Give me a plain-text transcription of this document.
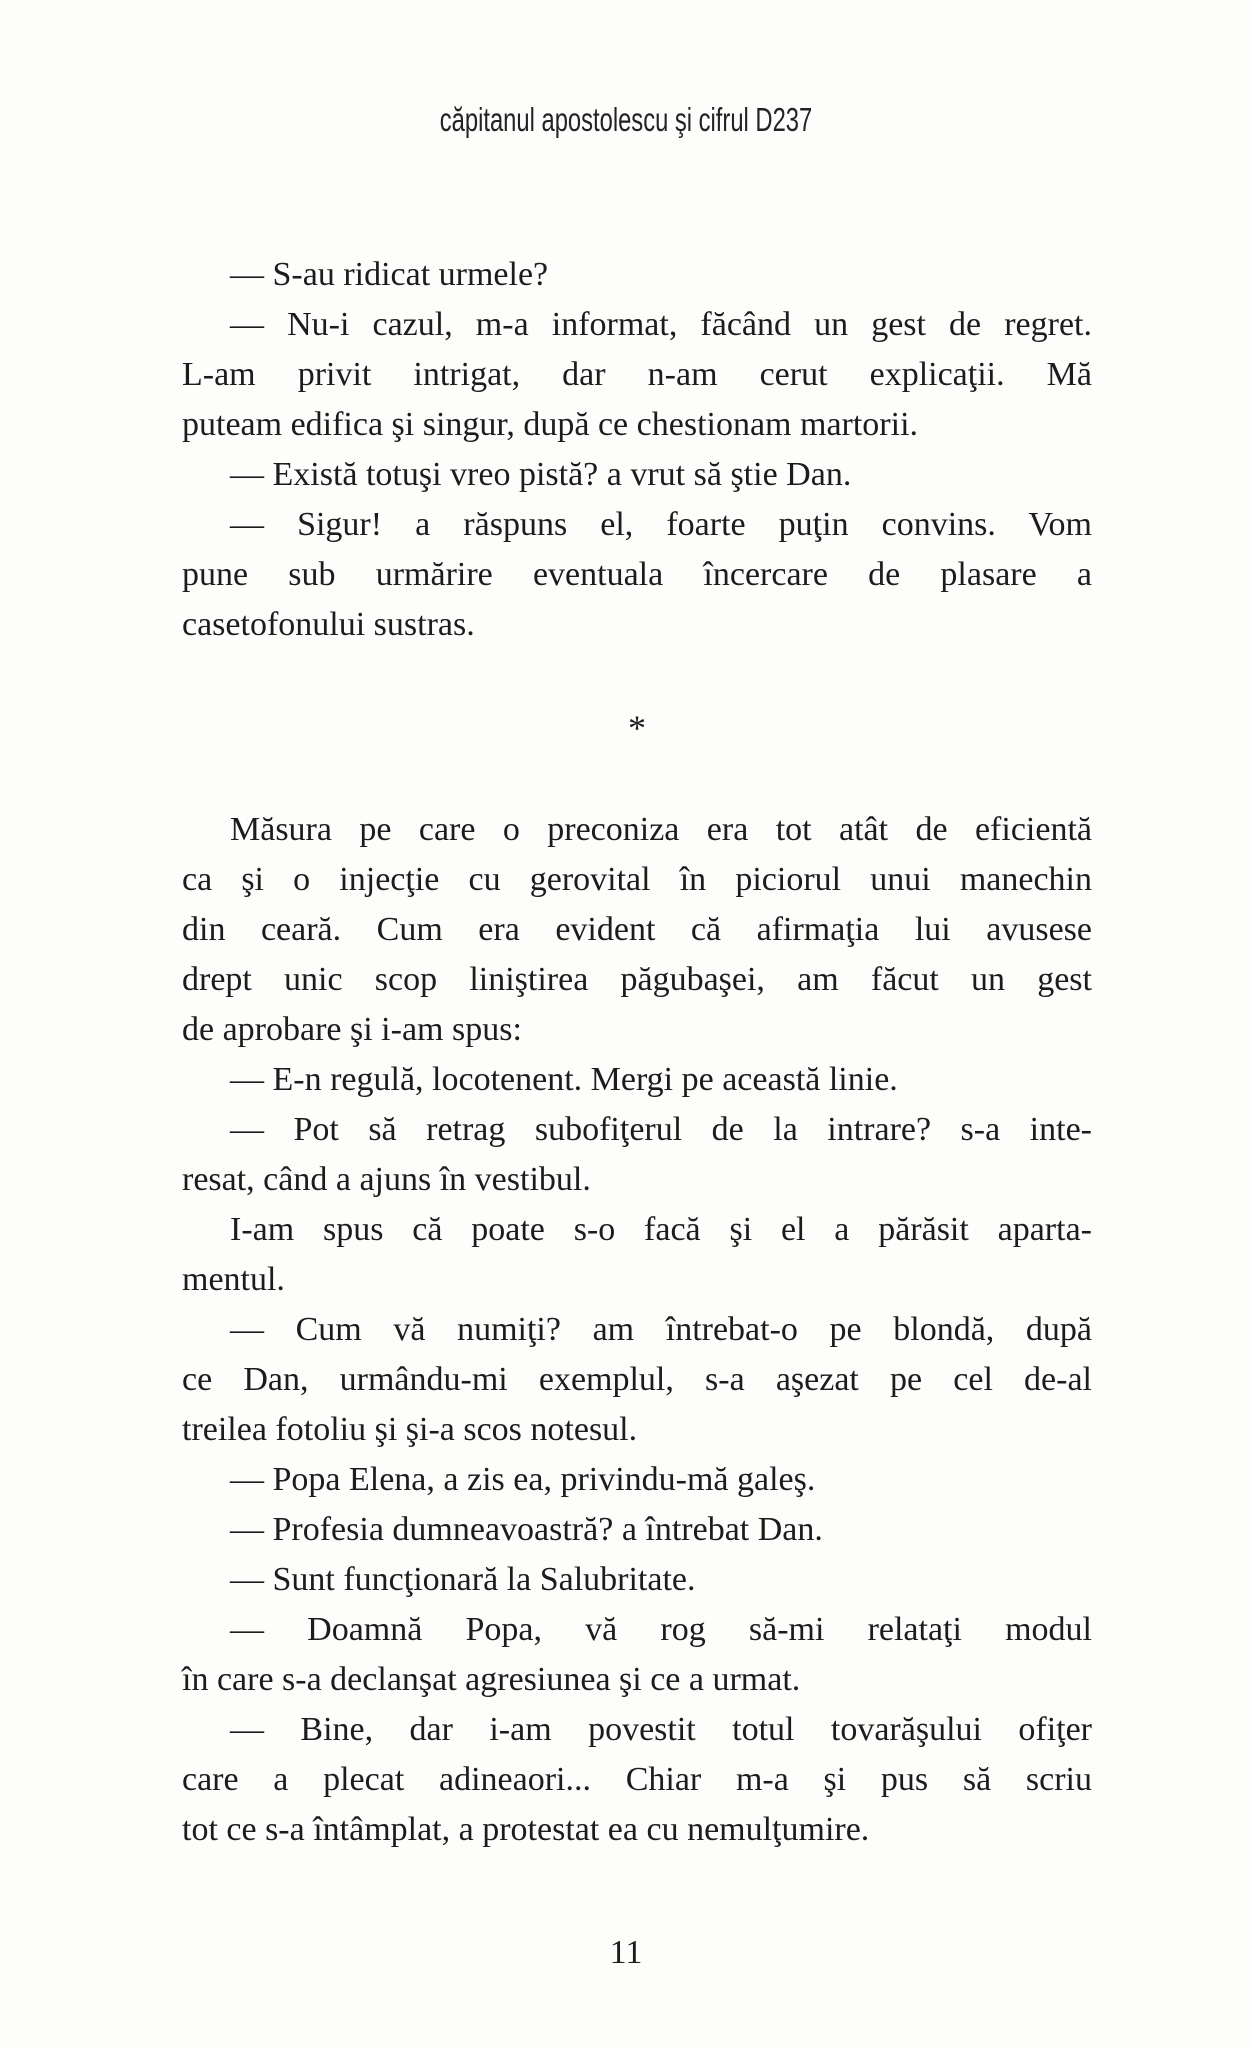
căpitanul apostolescu şi cifrul D237
— S-au ridicat urmele?
— Nu-i cazul, m-a informat, făcând un gest de regret.
L-am privit intrigat, dar n-am cerut explicaţii. Mă
puteam edifica şi singur, după ce chestionam martorii.
— Există totuşi vreo pistă? a vrut să ştie Dan.
— Sigur! a răspuns el, foarte puţin convins. Vom
pune sub urmărire eventuala încercare de plasare a
casetofonului sustras.
*
Măsura pe care o preconiza era tot atât de eficientă
ca şi o injecţie cu gerovital în piciorul unui manechin
din ceară. Cum era evident că afirmaţia lui avusese
drept unic scop liniştirea păgubaşei, am făcut un gest
de aprobare şi i-am spus:
— E-n regulă, locotenent. Mergi pe această linie.
— Pot să retrag subofiţerul de la intrare? s-a inte-
resat, când a ajuns în vestibul.
I-am spus că poate s-o facă şi el a părăsit aparta-
mentul.
— Cum vă numiţi? am întrebat-o pe blondă, după
ce Dan, urmându-mi exemplul, s-a aşezat pe cel de-al
treilea fotoliu şi şi-a scos notesul.
— Popa Elena, a zis ea, privindu-mă galeş.
— Profesia dumneavoastră? a întrebat Dan.
— Sunt funcţionară la Salubritate.
— Doamnă Popa, vă rog să-mi relataţi modul
în care s-a declanşat agresiunea şi ce a urmat.
— Bine, dar i-am povestit totul tovarăşului ofiţer
care a plecat adineaori... Chiar m-a şi pus să scriu
tot ce s-a întâmplat, a protestat ea cu nemulţumire.
11
